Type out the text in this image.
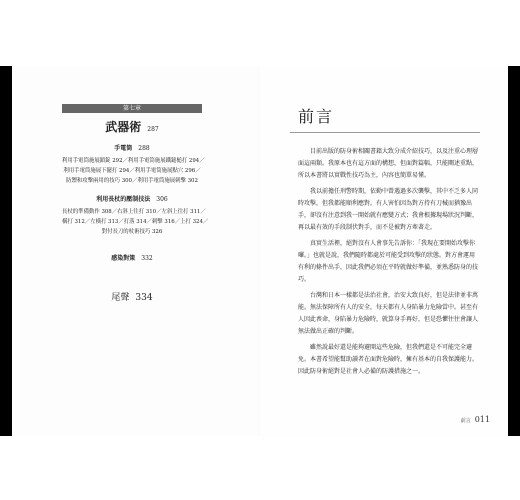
第七章
武器術 287
手電筒 288
利用手電筒施展鎖錠 292／利用手電筒施展鐵鎚槌打 294／
利用手電筒施展下擺打 294／利用手電筒施展點穴 296／
防禦和攻擊兩用的技巧 300／利用手電筒施展刺擊 302
利用長杖的壓制技法 306
長杖的準備動作 308／右斜上往打 310／左斜上往打 311／
橫打 312／左橫打 313／打落 314／刺擊 316／上打 324／
對付長刀的杖術技巧 326
感染對策 332
尾聲 334
前言

目前出版的防身術相關書籍大致分成介紹技巧，以及注重心理層面這兩類。我原本也有這方面的構想，但面對篇幅，只能闡述重點，所以本書將以實戰性技巧為主，內容也簡單易懂。

我以前擔任刑警時期，依勤中曾遇過多次襲擊，其中不乏多人同時攻擊，但我都能順利應對。有人害怕因為對方持有刀械而猶豫出手，卻沒有注意到我一開始就有應變方式；我會根據現場狀況判斷，再以最有效的手段制伏對手，而不是被對方牽著走。

真實生活裡，絕對沒有人會事先告訴你：「我現在要開始攻擊你囉。」也就是說，我們隨時都處於可能受到攻擊的狀態。對方會運用有利的條件出手，因此我們必須在平時就做好準備，並熟悉防身的技巧。

台灣和日本一樣都是法治社會，治安大致良好，但是法律並非萬能。無法保障所有人的安全，每天都有人身陷暴力危險當中。甚至有人因此喪命，身陷暴力危險時，就算身手再好，但是恐懼往往會讓人無法做出正確的判斷。

雖然說最好還是能夠避開這些危險，但我們還是不可能完全避免。本書希望能幫助讀者在面對危險時，擁有基本的自我保護能力。因此防身術絕對是社會人必備的防護措施之一。

前言 011
